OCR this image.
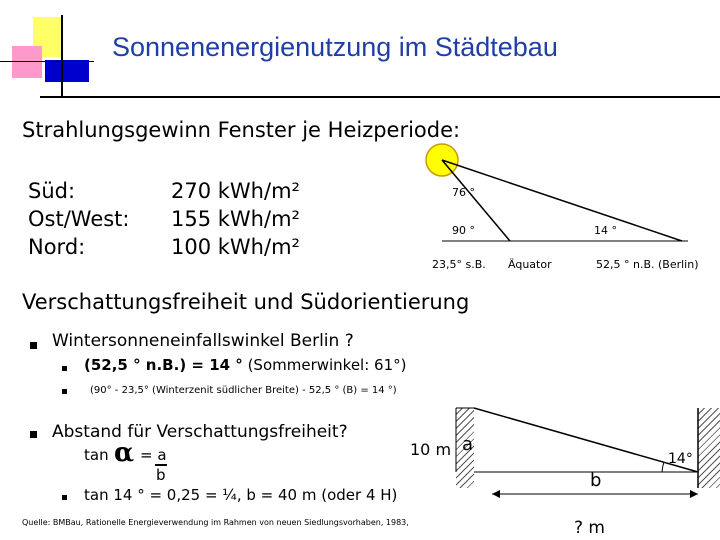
Sonnenenergienutzung im Städtebau
Strahlungsgewinn Fenster je Heizperiode:
Süd:
Ost/West:
Nord:
270 kWh/m²
155 kWh/m²
100 kWh/m²
76 °
90 °	14 °
23,5° s.B. Äquator	52,5 ° n.B. (Berlin)
Verschattungsfreiheit und Südorientierung
Wintersonneneinfallswinkel Berlin ?
(52,5 ° n.B.) = 14 ° (Sommerwinkel: 61°)
(90° - 23,5° (Winterzenit südlicher Breite) - 52,5 ° (B) = 14 °)
Abstand für Verschattungsfreiheit?
tan α = a
b
tan 14 ° = 0,25 = ¼, b = 40 m (oder 4 H)
Quelle: BMBau, Rationelle Energieverwendung im Rahmen von neuen Siedlungsvorhaben, 1983,
10 m a
14°
b
? m
